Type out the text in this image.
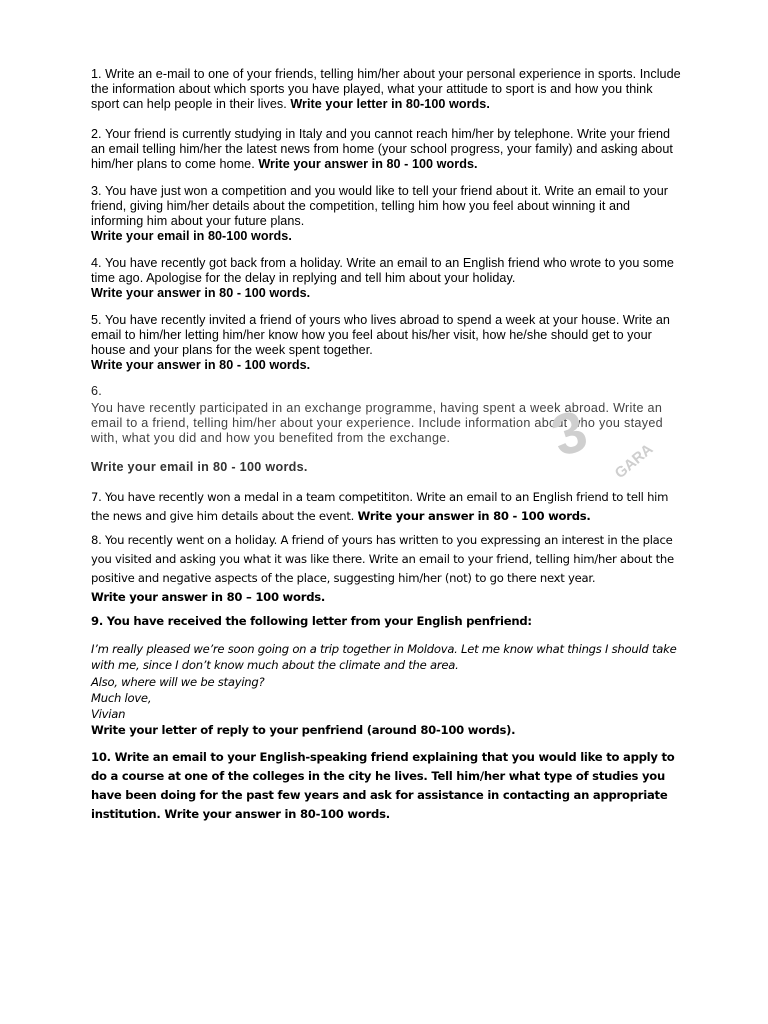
1. Write an e-mail to one of your friends, telling him/her about your personal experience in sports. Include the information about which sports you have played, what your attitude to sport is and how you think sport can help people in their lives. Write your letter in 80-100 words.

2. Your friend is currently studying in Italy and you cannot reach him/her by telephone. Write your friend an email telling him/her the latest news from home (your school progress, your family) and asking about him/her plans to come home. Write your answer in 80 - 100 words.

3. You have just won a competition and you would like to tell your friend about it. Write an email to your friend, giving him/her details about the competition, telling him how you feel about winning it and informing him about your future plans.

Write your email in 80-100 words.

4. You have recently got back from a holiday. Write an email to an English friend who wrote to you some time ago. Apologise for the delay in replying and tell him about your holiday.

Write your answer in 80 - 100 words.

5. You have recently invited a friend of yours who lives abroad to spend a week at your house. Write an email to him/her letting him/her know how you feel about his/her visit, how he/she should get to your house and your plans for the week spent together.

Write your answer in 80 - 100 words.

6.

You have recently participated in an exchange programme, having spent a week abroad. Write an email to a friend, telling him/her about your experience. Include information about who you stayed with, what you did and how you benefited from the exchange.

Write your email in 80 - 100 words.	3 GARA

7. You have recently won a medal in a team competititon. Write an email to an English friend to tell him the news and give him details about the event. Write your answer in 80 - 100 words.

8. You recently went on a holiday. A friend of yours has written to you expressing an interest in the place you visited and asking you what it was like there. Write an email to your friend, telling him/her about the positive and negative aspects of the place, suggesting him/her (not) to go there next year.

Write your answer in 80 – 100 words.

9. You have received the following letter from your English penfriend:

I’m really pleased we’re soon going on a trip together in Moldova. Let me know what things I should take with me, since I don’t know much about the climate and the area.

Also, where will we be staying?

Much love,

Vivian

Write your letter of reply to your penfriend (around 80-100 words).

10. Write an email to your English-speaking friend explaining that you would like to apply to do a course at one of the colleges in the city he lives. Tell him/her what type of studies you have been doing for the past few years and ask for assistance in contacting an appropriate institution. Write your answer in 80-100 words.
